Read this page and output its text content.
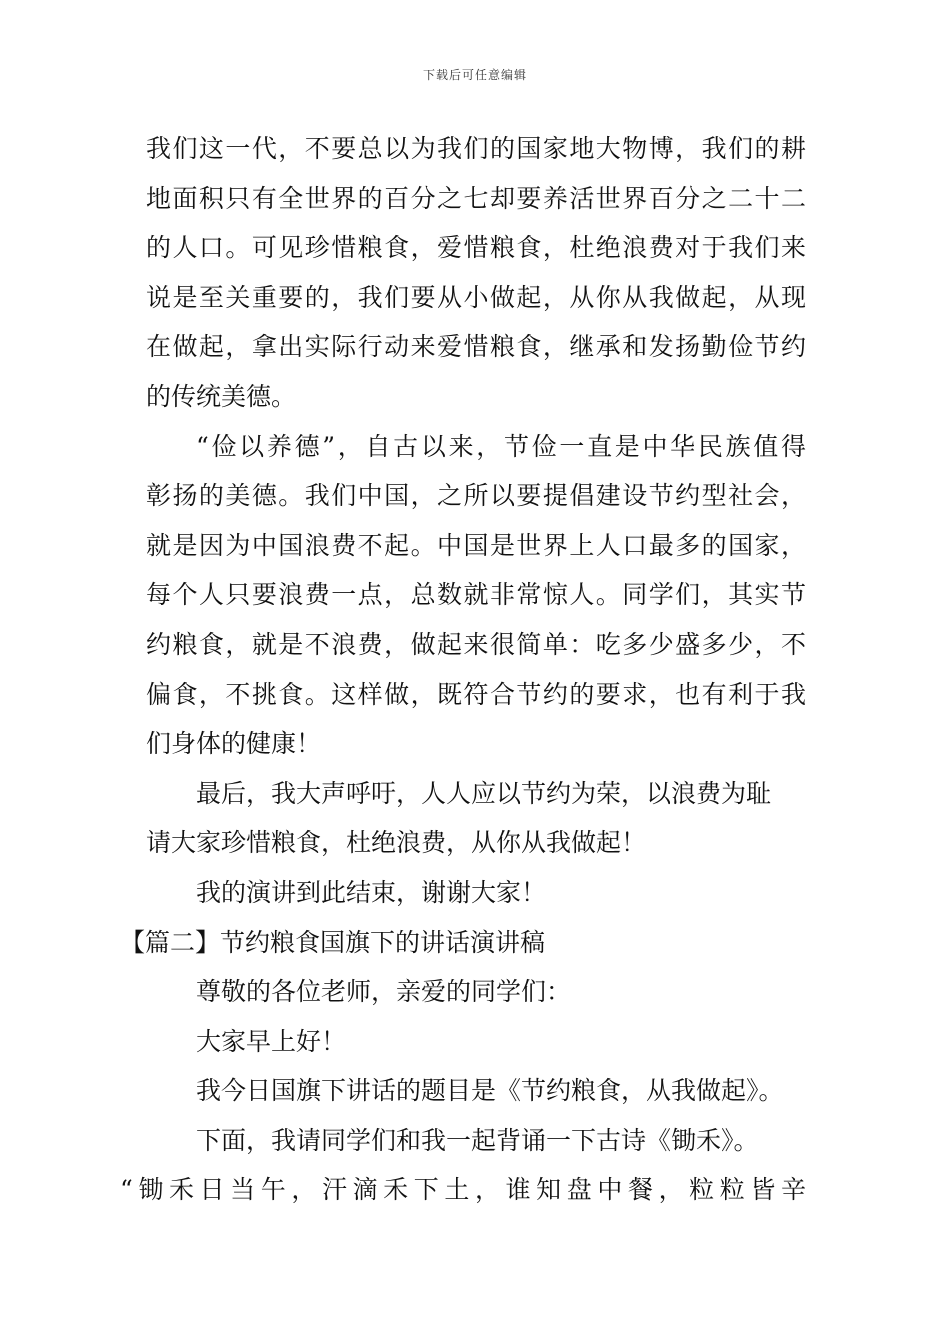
下载后可任意编辑
我们这一代，不要总以为我们的国家地大物博，我们的耕
地面积只有全世界的百分之七却要养活世界百分之二十二
的人口。可见珍惜粮食，爱惜粮食，杜绝浪费对于我们来
说是至关重要的，我们要从小做起，从你从我做起，从现
在做起，拿出实际行动来爱惜粮食，继承和发扬勤俭节约
的传统美德。
“俭以养德”，自古以来，节俭一直是中华民族值得
彰扬的美德。我们中国，之所以要提倡建设节约型社会，
就是因为中国浪费不起。中国是世界上人口最多的国家，
每个人只要浪费一点，总数就非常惊人。同学们，其实节
约粮食，就是不浪费，做起来很简单：吃多少盛多少，不
偏食，不挑食。这样做，既符合节约的要求，也有利于我
们身体的健康！
最后，我大声呼吁，人人应以节约为荣，以浪费为耻
请大家珍惜粮食，杜绝浪费，从你从我做起！
我的演讲到此结束，谢谢大家！
【篇二】节约粮食国旗下的讲话演讲稿
尊敬的各位老师，亲爱的同学们：
大家早上好！
我今日国旗下讲话的题目是《节约粮食，从我做起》。
下面，我请同学们和我一起背诵一下古诗《锄禾》。
“锄禾日当午，汗滴禾下土，谁知盘中餐，粒粒皆辛
